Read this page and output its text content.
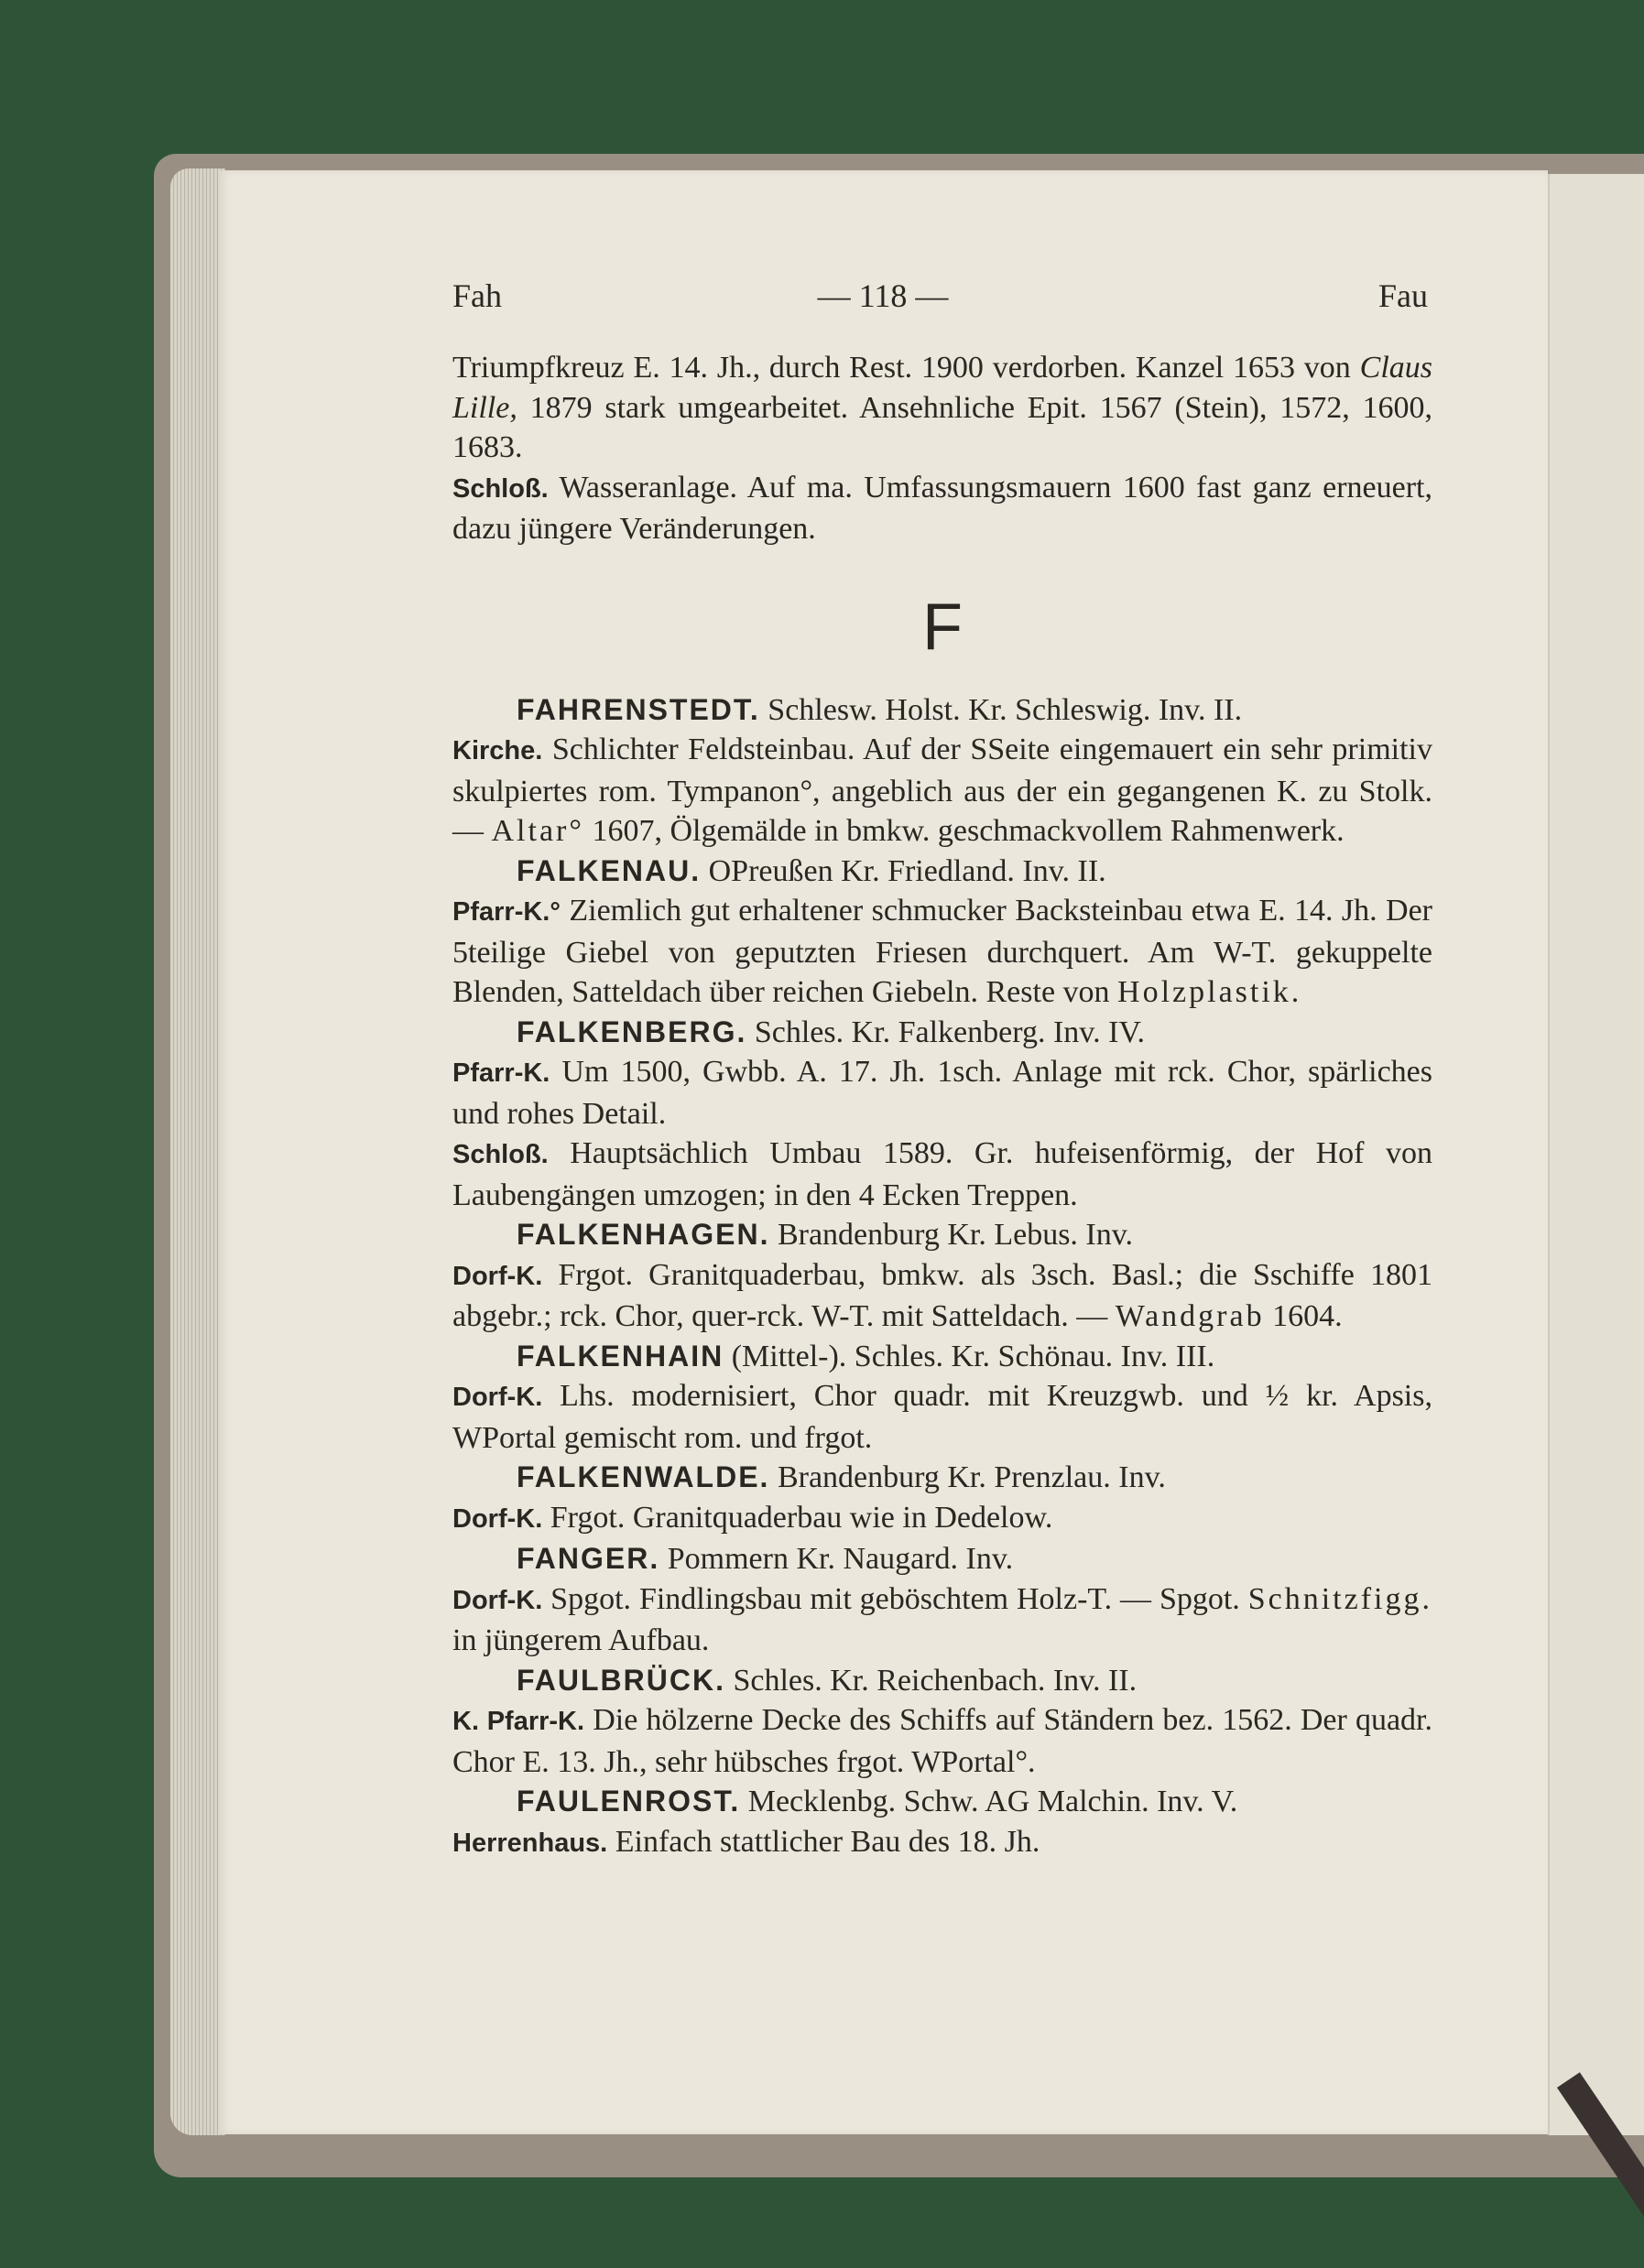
Fah	— 118 —	Fau

Triumpfkreuz E. 14. Jh., durch Rest. 1900 verdorben. Kanzel 1653 von Claus Lille, 1879 stark umgearbeitet. Ansehnliche Epit. 1567 (Stein), 1572, 1600, 1683.

Schloß. Wasseranlage. Auf ma. Umfassungsmauern 1600 fast ganz erneuert, dazu jüngere Veränderungen.

F

FAHRENSTEDT. Schlesw. Holst. Kr. Schleswig. Inv. II.

Kirche. Schlichter Feldsteinbau. Auf der SSeite eingemauert ein sehr primitiv skulpiertes rom. Tympanon°, angeblich aus der ein gegangenen K. zu Stolk. — Altar° 1607, Ölgemälde in bmkw. geschmackvollem Rahmenwerk.

FALKENAU. OPreußen Kr. Friedland. Inv. II.

Pfarr-K.° Ziemlich gut erhaltener schmucker Backsteinbau etwa E. 14. Jh. Der 5teilige Giebel von geputzten Friesen durchquert. Am W-T. gekuppelte Blenden, Satteldach über reichen Giebeln. Reste von Holzplastik.

FALKENBERG. Schles. Kr. Falkenberg. Inv. IV.

Pfarr-K. Um 1500, Gwbb. A. 17. Jh. 1sch. Anlage mit rck. Chor, spärliches und rohes Detail.

Schloß. Hauptsächlich Umbau 1589. Gr. hufeisenförmig, der Hof von Laubengängen umzogen; in den 4 Ecken Treppen.

FALKENHAGEN. Brandenburg Kr. Lebus. Inv.

Dorf-K. Frgot. Granitquaderbau, bmkw. als 3sch. Basl.; die Sschiffe 1801 abgebr.; rck. Chor, quer-rck. W-T. mit Satteldach. — Wandgrab 1604.

FALKENHAIN (Mittel-). Schles. Kr. Schönau. Inv. III.

Dorf-K. Lhs. modernisiert, Chor quadr. mit Kreuzgwb. und ½ kr. Apsis, WPortal gemischt rom. und frgot.

FALKENWALDE. Brandenburg Kr. Prenzlau. Inv.

Dorf-K. Frgot. Granitquaderbau wie in Dedelow.

FANGER. Pommern Kr. Naugard. Inv.

Dorf-K. Spgot. Findlingsbau mit geböschtem Holz-T. — Spgot. Schnitzfigg. in jüngerem Aufbau.

FAULBRÜCK. Schles. Kr. Reichenbach. Inv. II.

K. Pfarr-K. Die hölzerne Decke des Schiffs auf Ständern bez. 1562. Der quadr. Chor E. 13. Jh., sehr hübsches frgot. WPortal°.

FAULENROST. Mecklenbg. Schw. AG Malchin. Inv. V.

Herrenhaus. Einfach stattlicher Bau des 18. Jh.
